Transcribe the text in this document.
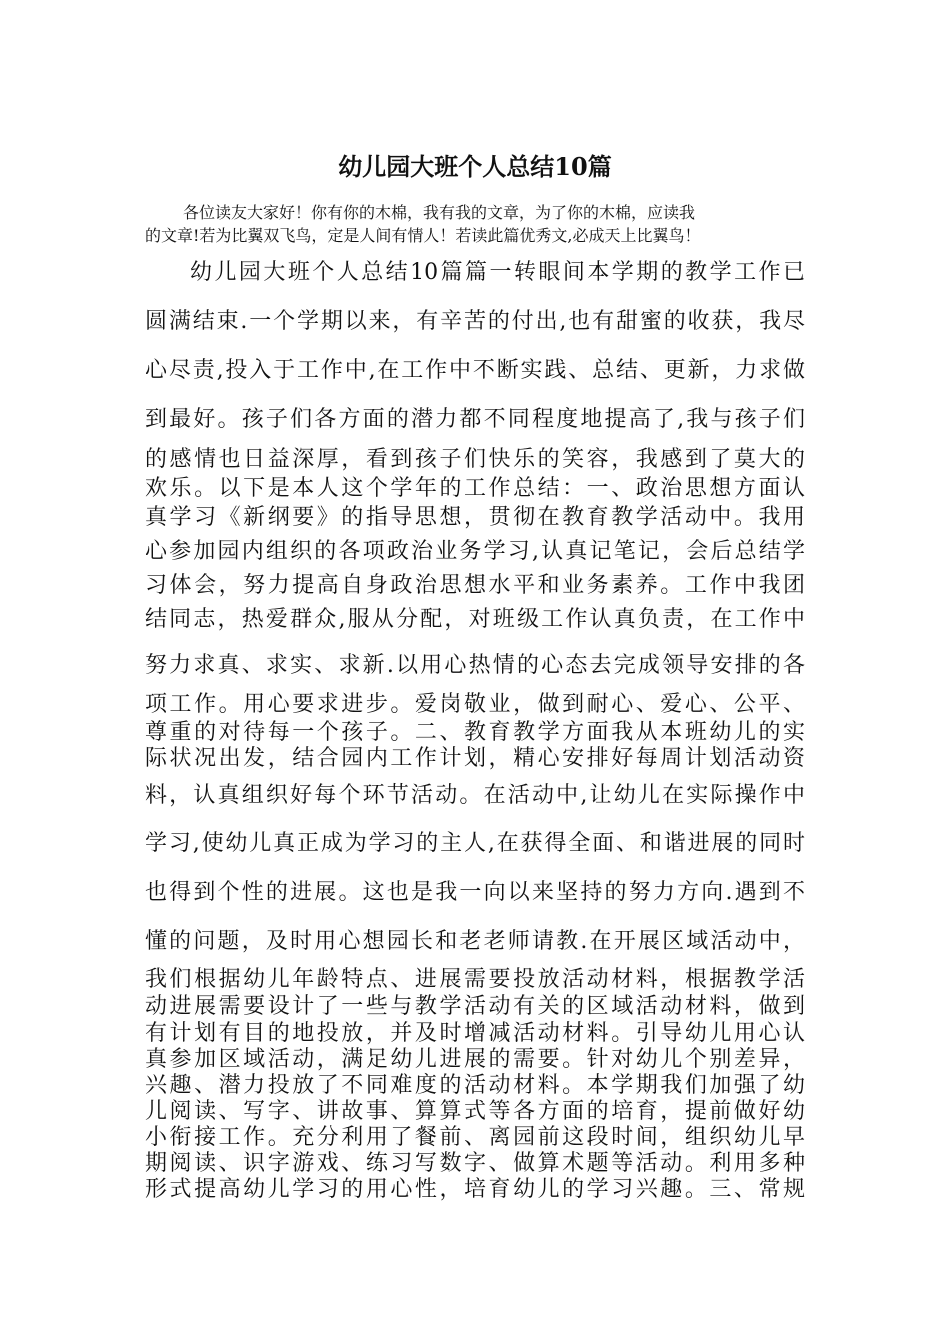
幼儿园大班个人总结10篇
各位读友大家好！你有你的木棉，我有我的文章，为了你的木棉，应读我
的文章!若为比翼双飞鸟，定是人间有情人！若读此篇优秀文,必成天上比翼鸟！
幼儿园大班个人总结10篇篇一转眼间本学期的教学工作已
圆满结束.一个学期以来，有辛苦的付出,也有甜蜜的收获，我尽
心尽责,投入于工作中,在工作中不断实践、总结、更新，力求做
到最好。孩子们各方面的潜力都不同程度地提高了,我与孩子们
的感情也日益深厚，看到孩子们快乐的笑容，我感到了莫大的
欢乐。以下是本人这个学年的工作总结：一、政治思想方面认
真学习《新纲要》的指导思想，贯彻在教育教学活动中。我用
心参加园内组织的各项政治业务学习,认真记笔记，会后总结学
习体会，努力提高自身政治思想水平和业务素养。工作中我团
结同志，热爱群众,服从分配，对班级工作认真负责，在工作中
努力求真、求实、求新.以用心热情的心态去完成领导安排的各
项工作。用心要求进步。爱岗敬业，做到耐心、爱心、公平、
尊重的对待每一个孩子。二、教育教学方面我从本班幼儿的实
际状况出发，结合园内工作计划，精心安排好每周计划活动资
料，认真组织好每个环节活动。在活动中,让幼儿在实际操作中
学习,使幼儿真正成为学习的主人,在获得全面、和谐进展的同时
也得到个性的进展。这也是我一向以来坚持的努力方向.遇到不
懂的问题，及时用心想园长和老老师请教.在开展区域活动中，
我们根据幼儿年龄特点、进展需要投放活动材料，根据教学活
动进展需要设计了一些与教学活动有关的区域活动材料，做到
有计划有目的地投放，并及时增减活动材料。引导幼儿用心认
真参加区域活动，满足幼儿进展的需要。针对幼儿个别差异，
兴趣、潜力投放了不同难度的活动材料。本学期我们加强了幼
儿阅读、写字、讲故事、算算式等各方面的培育，提前做好幼
小衔接工作。充分利用了餐前、离园前这段时间，组织幼儿早
期阅读、识字游戏、练习写数字、做算术题等活动。利用多种
形式提高幼儿学习的用心性，培育幼儿的学习兴趣。三、常规
